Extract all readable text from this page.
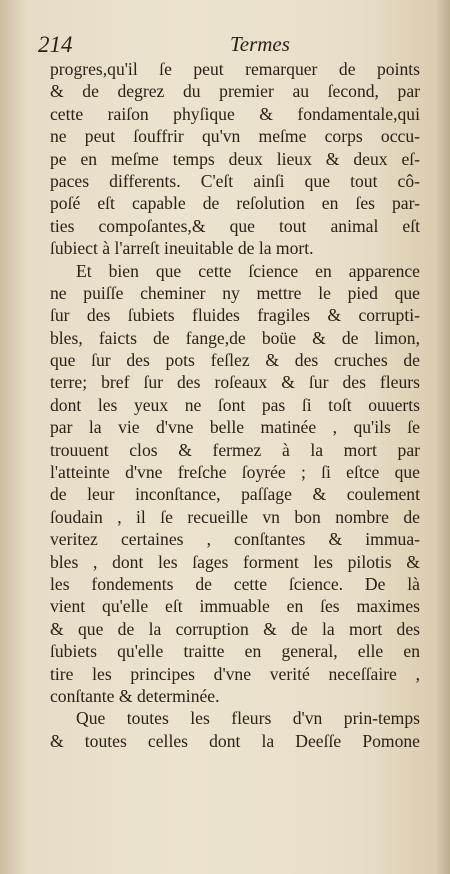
214	Termes
progres,qu'il ſe peut remarquer de points
& de degrez du premier au ſecond, par
cette raiſon phyſique & fondamentale,qui
ne peut ſouffrir qu'vn meſme corps occu-
pe en meſme temps deux lieux & deux eſ-
paces differents. C'eſt ainſi que tout cô-
poſé eſt capable de reſolution en ſes par-
ties compoſantes,& que tout animal eſt
ſubiect à l'arreſt ineuitable de la mort.
Et bien que cette ſcience en apparence
ne puiſſe cheminer ny mettre le pied que
ſur des ſubiets fluides fragiles & corrupti-
bles, faicts de fange,de boüe & de limon,
que ſur des pots feſlez & des cruches de
terre; bref ſur des roſeaux & ſur des fleurs
dont les yeux ne ſont pas ſi toſt ouuerts
par la vie d'vne belle matinée , qu'ils ſe
trouuent clos & fermez à la mort par
l'atteinte d'vne freſche ſoyrée ; ſi eſtce que
de leur inconſtance, paſſage & coulement
ſoudain , il ſe recueille vn bon nombre de
veritez certaines , conſtantes & immua-
bles , dont les ſages forment les pilotis &
les fondements de cette ſcience. De là
vient qu'elle eſt immuable en ſes maximes
& que de la corruption & de la mort des
ſubiets qu'elle traitte en general, elle en
tire les principes d'vne verité neceſſaire ,
conſtante & determinée.
Que toutes les fleurs d'vn prin-temps
& toutes celles dont la Deeſſe Pomone
